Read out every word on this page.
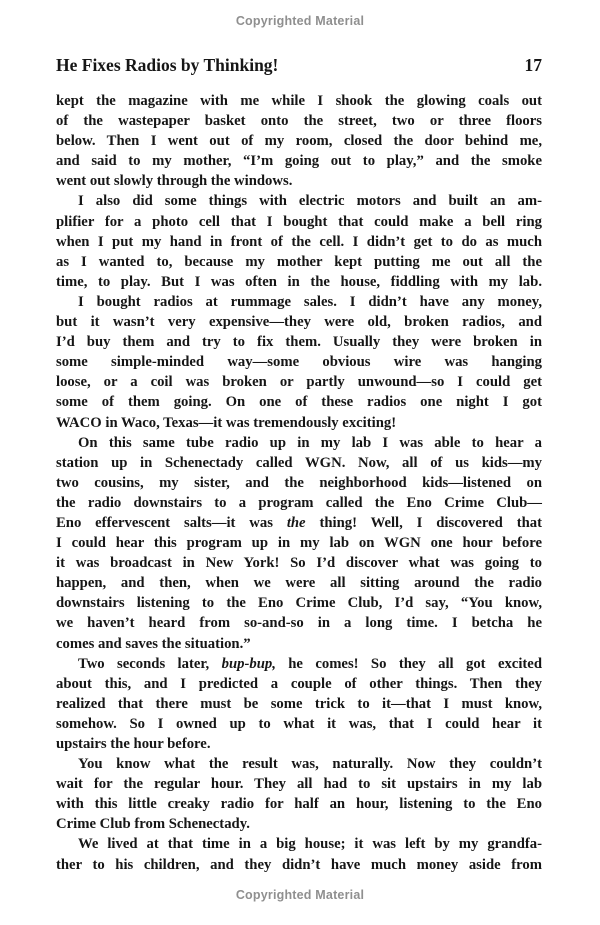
Copyrighted Material
He Fixes Radios by Thinking!	17
kept the magazine with me while I shook the glowing coals out
of the wastepaper basket onto the street, two or three floors
below. Then I went out of my room, closed the door behind me,
and said to my mother, “I’m going out to play,” and the smoke
went out slowly through the windows.
I also did some things with electric motors and built an am-
plifier for a photo cell that I bought that could make a bell ring
when I put my hand in front of the cell. I didn’t get to do as much
as I wanted to, because my mother kept putting me out all the
time, to play. But I was often in the house, fiddling with my lab.
I bought radios at rummage sales. I didn’t have any money,
but it wasn’t very expensive—they were old, broken radios, and
I’d buy them and try to fix them. Usually they were broken in
some simple-minded way—some obvious wire was hanging
loose, or a coil was broken or partly unwound—so I could get
some of them going. On one of these radios one night I got
WACO in Waco, Texas—it was tremendously exciting!
On this same tube radio up in my lab I was able to hear a
station up in Schenectady called WGN. Now, all of us kids—my
two cousins, my sister, and the neighborhood kids—listened on
the radio downstairs to a program called the Eno Crime Club—
Eno effervescent salts—it was the thing! Well, I discovered that
I could hear this program up in my lab on WGN one hour before
it was broadcast in New York! So I’d discover what was going to
happen, and then, when we were all sitting around the radio
downstairs listening to the Eno Crime Club, I’d say, “You know,
we haven’t heard from so-and-so in a long time. I betcha he
comes and saves the situation.”
Two seconds later, bup-bup, he comes! So they all got excited
about this, and I predicted a couple of other things. Then they
realized that there must be some trick to it—that I must know,
somehow. So I owned up to what it was, that I could hear it
upstairs the hour before.
You know what the result was, naturally. Now they couldn’t
wait for the regular hour. They all had to sit upstairs in my lab
with this little creaky radio for half an hour, listening to the Eno
Crime Club from Schenectady.
We lived at that time in a big house; it was left by my grandfa-
ther to his children, and they didn’t have much money aside from
Copyrighted Material
